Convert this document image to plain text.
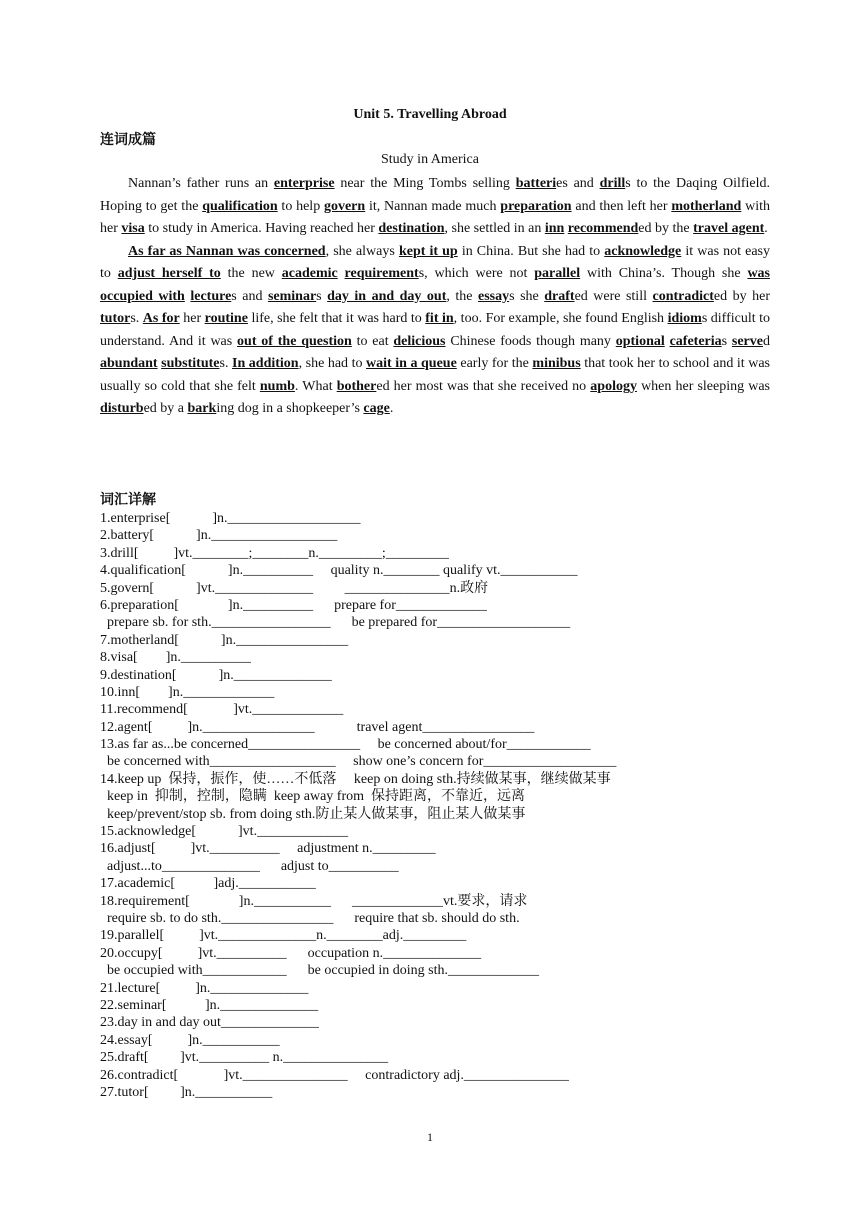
Unit 5. Travelling Abroad
连词成篇
Study in America

Nannan’s father runs an enterprise near the Ming Tombs selling batteries and drills to the Daqing Oilfield. Hoping to get the qualification to help govern it, Nannan made much preparation and then left her motherland with her visa to study in America. Having reached her destination, she settled in an inn recommended by the travel agent.

As far as Nannan was concerned, she always kept it up in China. But she had to acknowledge it was not easy to adjust herself to the new academic requirements, which were not parallel with China’s. Though she was occupied with lectures and seminars day in and day out, the essays she drafted were still contradicted by her tutors. As for her routine life, she felt that it was hard to fit in, too. For example, she found English idioms difficult to understand. And it was out of the question to eat delicious Chinese foods though many optional cafeterias served abundant substitutes. In addition, she had to wait in a queue early for the minibus that took her to school and it was usually so cold that she felt numb. What bothered her most was that she received no apology when her sleeping was disturbed by a barking dog in a shopkeeper’s cage.

词汇详解
1.enterprise[            ]n.___________________
2.battery[            ]n.__________________
3.drill[          ]vt.________;________n._________;_________
4.qualification[            ]n.__________     quality n.________ qualify vt.___________
5.govern[            ]vt.______________         _______________n.政府
6.preparation[              ]n.__________      prepare for_____________
prepare sb. for sth._________________      be prepared for___________________
7.motherland[            ]n.________________
8.visa[        ]n.__________
9.destination[            ]n.______________
10.inn[        ]n._____________
11.recommend[             ]vt._____________
12.agent[          ]n.________________            travel agent________________
13.as far as...be concerned________________     be concerned about/for____________
be concerned with__________________     show one’s concern for___________________
14.keep up  保持，振作，使……不低落     keep on doing sth.持续做某事，继续做某事
keep in  抑制，控制，隐瞒  keep away from  保持距离，不靠近，远离
keep/prevent/stop sb. from doing sth.防止某人做某事，阻止某人做某事
15.acknowledge[            ]vt._____________
16.adjust[          ]vt.__________     adjustment n._________
adjust...to______________      adjust to__________
17.academic[           ]adj.___________
18.requirement[              ]n.___________      _____________vt.要求，请求
require sb. to do sth.________________      require that sb. should do sth.
19.parallel[          ]vt.______________n.________adj._________
20.occupy[          ]vt.__________      occupation n.______________
be occupied with____________      be occupied in doing sth._____________
21.lecture[          ]n.______________
22.seminar[           ]n.______________
23.day in and day out______________
24.essay[          ]n.___________
25.draft[         ]vt.__________ n._______________
26.contradict[             ]vt._______________     contradictory adj._______________
27.tutor[         ]n.___________
1
